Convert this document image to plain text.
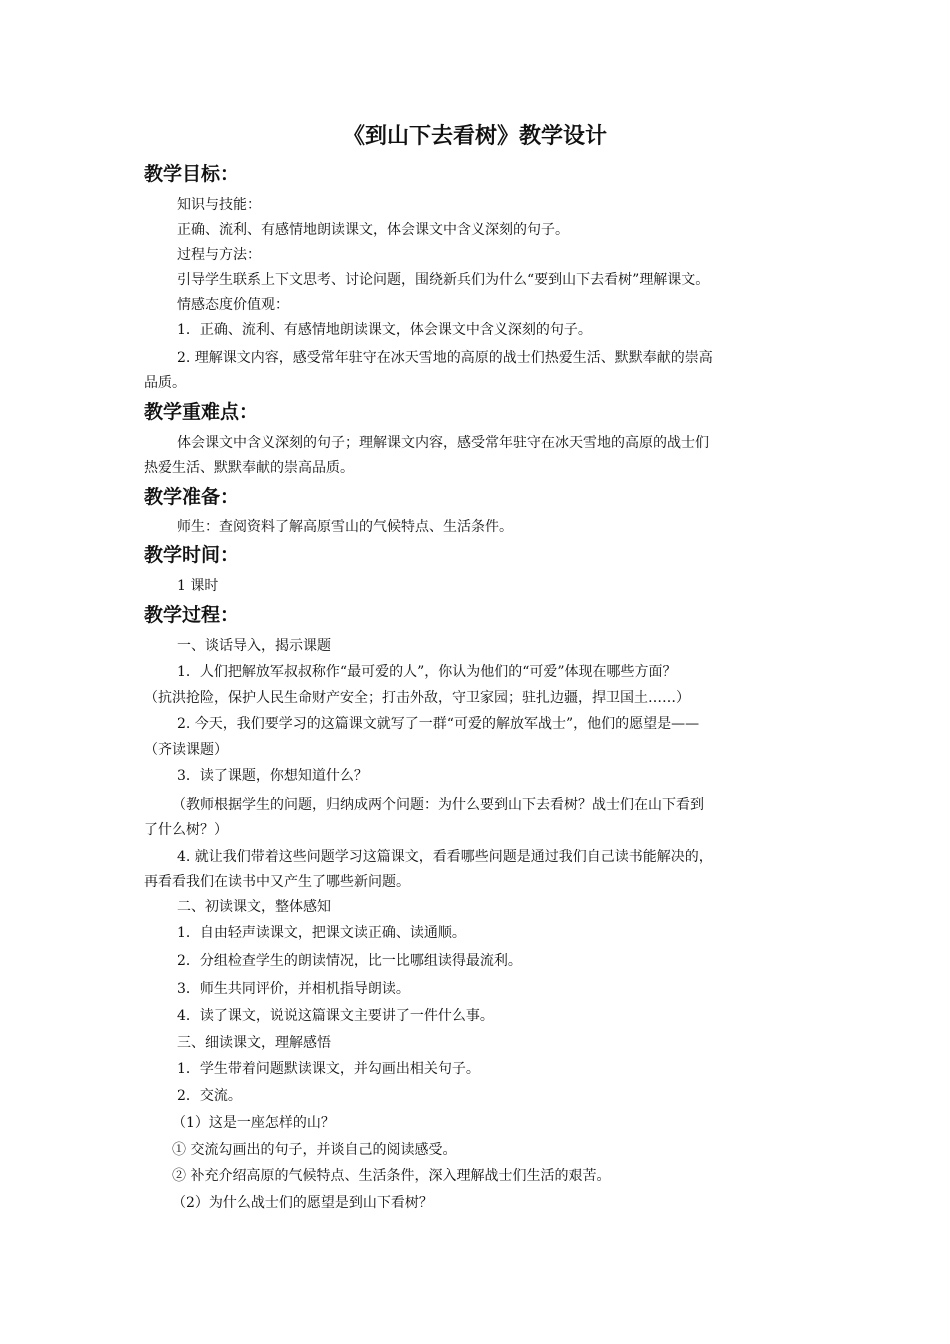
《到山下去看树》教学设计
教学目标：
知识与技能：
正确、流利、有感情地朗读课文，体会课文中含义深刻的句子。
过程与方法：
引导学生联系上下文思考、讨论问题，围绕新兵们为什么“要到山下去看树”理解课文。
情感态度价值观：
1．正确、流利、有感情地朗读课文，体会课文中含义深刻的句子。
2. 理解课文内容，感受常年驻守在冰天雪地的高原的战士们热爱生活、默默奉献的崇高
品质。
教学重难点：
体会课文中含义深刻的句子；理解课文内容，感受常年驻守在冰天雪地的高原的战士们
热爱生活、默默奉献的崇高品质。
教学准备：
师生：查阅资料了解高原雪山的气候特点、生活条件。
教学时间：
1 课时
教学过程：
一、谈话导入，揭示课题
1．人们把解放军叔叔称作“最可爱的人”，你认为他们的“可爱”体现在哪些方面？
（抗洪抢险，保护人民生命财产安全；打击外敌，守卫家园；驻扎边疆，捍卫国土……）
2. 今天，我们要学习的这篇课文就写了一群“可爱的解放军战士”，他们的愿望是——
（齐读课题）
3．读了课题，你想知道什么？
（教师根据学生的问题，归纳成两个问题：为什么要到山下去看树？战士们在山下看到
了什么树？）
4. 就让我们带着这些问题学习这篇课文，看看哪些问题是通过我们自己读书能解决的，
再看看我们在读书中又产生了哪些新问题。
二、初读课文，整体感知
1．自由轻声读课文，把课文读正确、读通顺。
2．分组检查学生的朗读情况，比一比哪组读得最流利。
3．师生共同评价，并相机指导朗读。
4．读了课文，说说这篇课文主要讲了一件什么事。
三、细读课文，理解感悟
1．学生带着问题默读课文，并勾画出相关句子。
2．交流。
（1）这是一座怎样的山？
① 交流勾画出的句子，并谈自己的阅读感受。
② 补充介绍高原的气候特点、生活条件，深入理解战士们生活的艰苦。
（2）为什么战士们的愿望是到山下看树？
